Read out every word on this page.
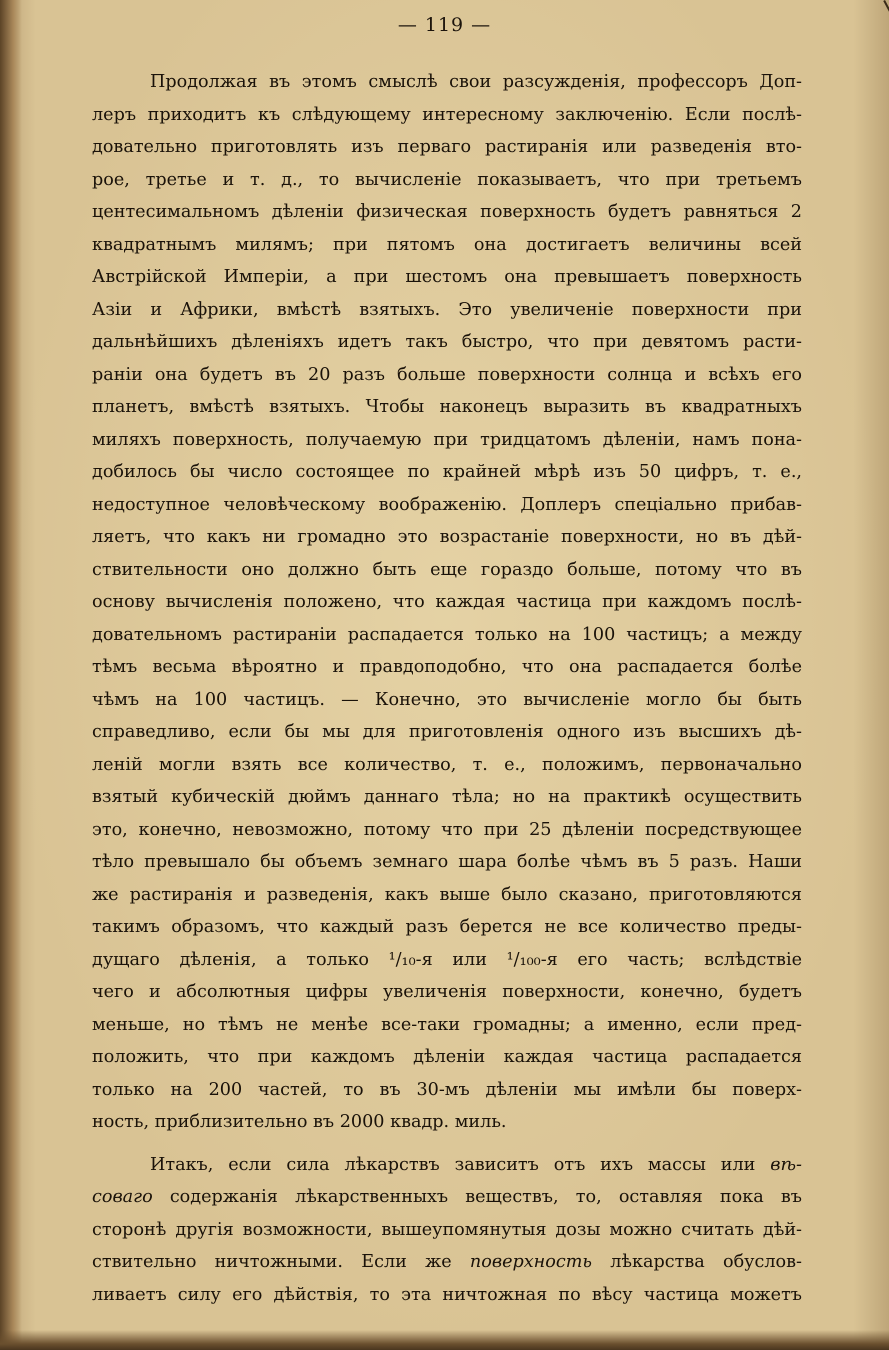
— 119 —
Продолжая въ этомъ смыслѣ свои разсужденія, профессоръ Доп-
леръ приходитъ къ слѣдующему интересному заключенію. Если послѣ-
довательно приготовлять изъ перваго растиранія или разведенія вто-
рое, третье и т. д., то вычисленіе показываетъ, что при третьемъ
центесимальномъ дѣленіи физическая поверхность будетъ равняться 2
квадратнымъ милямъ; при пятомъ она достигаетъ величины всей
Австрійской Имперіи, а при шестомъ она превышаетъ поверхность
Азіи и Африки, вмѣстѣ взятыхъ. Это увеличеніе поверхности при
дальнѣйшихъ дѣленіяхъ идетъ такъ быстро, что при девятомъ расти-
раніи она будетъ въ 20 разъ больше поверхности солнца и всѣхъ его
планетъ, вмѣстѣ взятыхъ. Чтобы наконецъ выразить въ квадратныхъ
миляхъ поверхность, получаемую при тридцатомъ дѣленіи, намъ пона-
добилось бы число состоящее по крайней мѣрѣ изъ 50 цифръ, т. е.,
недоступное человѣческому воображенію. Доплеръ спеціально прибав-
ляетъ, что какъ ни громадно это возрастаніе поверхности, но въ дѣй-
ствительности оно должно быть еще гораздо больше, потому что въ
основу вычисленія положено, что каждая частица при каждомъ послѣ-
довательномъ растираніи распадается только на 100 частицъ; а между
тѣмъ весьма вѣроятно и правдоподобно, что она распадается болѣе
чѣмъ на 100 частицъ. — Конечно, это вычисленіе могло бы быть
справедливо, если бы мы для приготовленія одного изъ высшихъ дѣ-
леній могли взять все количество, т. е., положимъ, первоначально
взятый кубическій дюймъ даннаго тѣла; но на практикѣ осуществить
это, конечно, невозможно, потому что при 25 дѣленіи посредствующее
тѣло превышало бы объемъ земнаго шара болѣе чѣмъ въ 5 разъ. Наши
же растиранія и разведенія, какъ выше было сказано, приготовляются
такимъ образомъ, что каждый разъ берется не все количество преды-
дущаго дѣленія, а только ¹/₁₀-я или ¹/₁₀₀-я его часть; вслѣдствіе
чего и абсолютныя цифры увеличенія поверхности, конечно, будетъ
меньше, но тѣмъ не менѣе все-таки громадны; а именно, если пред-
положить, что при каждомъ дѣленіи каждая частица распадается
только на 200 частей, то въ 30-мъ дѣленіи мы имѣли бы поверх-
ность, приблизительно въ 2000 квадр. миль.
Итакъ, если сила лѣкарствъ зависитъ отъ ихъ массы или вѣ-
соваго содержанія лѣкарственныхъ веществъ, то, оставляя пока въ
сторонѣ другія возможности, вышеупомянутыя дозы можно считать дѣй-
ствительно ничтожными. Если же поверхность лѣкарства обуслов-
ливаетъ силу его дѣйствія, то эта ничтожная по вѣсу частица можетъ
